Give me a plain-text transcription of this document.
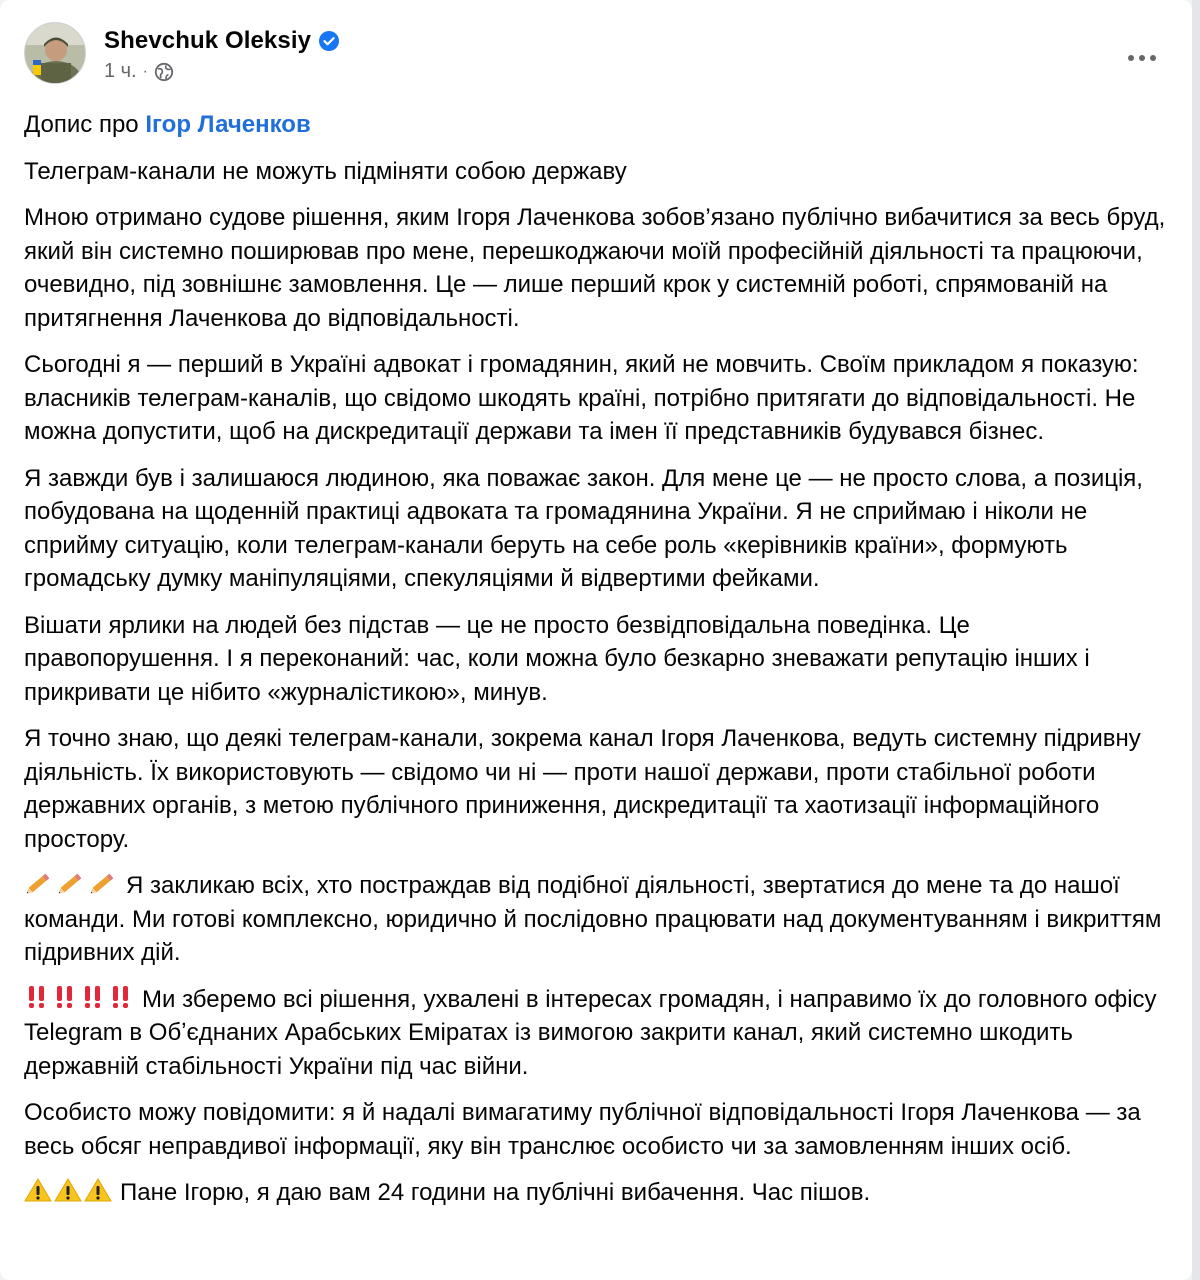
Shevchuk Oleksiy
1 ч. ·

Допис про Ігор Лаченков

Телеграм-канали не можуть підміняти собою державу

Мною отримано судове рішення, яким Ігоря Лаченкова зобов’язано публічно вибачитися за весь бруд, який він системно поширював про мене, перешкоджаючи моїй професійній діяльності та працюючи, очевидно, під зовнішнє замовлення. Це — лише перший крок у системній роботі, спрямованій на притягнення Лаченкова до відповідальності.

Сьогодні я — перший в Україні адвокат і громадянин, який не мовчить. Своїм прикладом я показую: власників телеграм-каналів, що свідомо шкодять країні, потрібно притягати до відповідальності. Не можна допустити, щоб на дискредитації держави та імен її представників будувався бізнес.

Я завжди був і залишаюся людиною, яка поважає закон. Для мене це — не просто слова, а позиція, побудована на щоденній практиці адвоката та громадянина України. Я не сприймаю і ніколи не сприйму ситуацію, коли телеграм-канали беруть на себе роль «керівників країни», формують громадську думку маніпуляціями, спекуляціями й відвертими фейками.

Вішати ярлики на людей без підстав — це не просто безвідповідальна поведінка. Це правопорушення. І я переконаний: час, коли можна було безкарно зневажати репутацію інших і прикривати це нібито «журналістикою», минув.

Я точно знаю, що деякі телеграм-канали, зокрема канал Ігоря Лаченкова, ведуть системну підривну діяльність. Їх використовують — свідомо чи ні — проти нашої держави, проти стабільної роботи державних органів, з метою публічного приниження, дискредитації та хаотизації інформаційного простору.

Я закликаю всіх, хто постраждав від подібної діяльності, звертатися до мене та до нашої команди. Ми готові комплексно, юридично й послідовно працювати над документуванням і викриттям підривних дій.

Ми зберемо всі рішення, ухвалені в інтересах громадян, і направимо їх до головного офісу Telegram в Обʼєднаних Арабських Еміратах із вимогою закрити канал, який системно шкодить державній стабільності України під час війни.

Особисто можу повідомити: я й надалі вимагатиму публічної відповідальності Ігоря Лаченкова — за весь обсяг неправдивої інформації, яку він транслює особисто чи за замовленням інших осіб.

Пане Ігорю, я даю вам 24 години на публічні вибачення. Час пішов.
